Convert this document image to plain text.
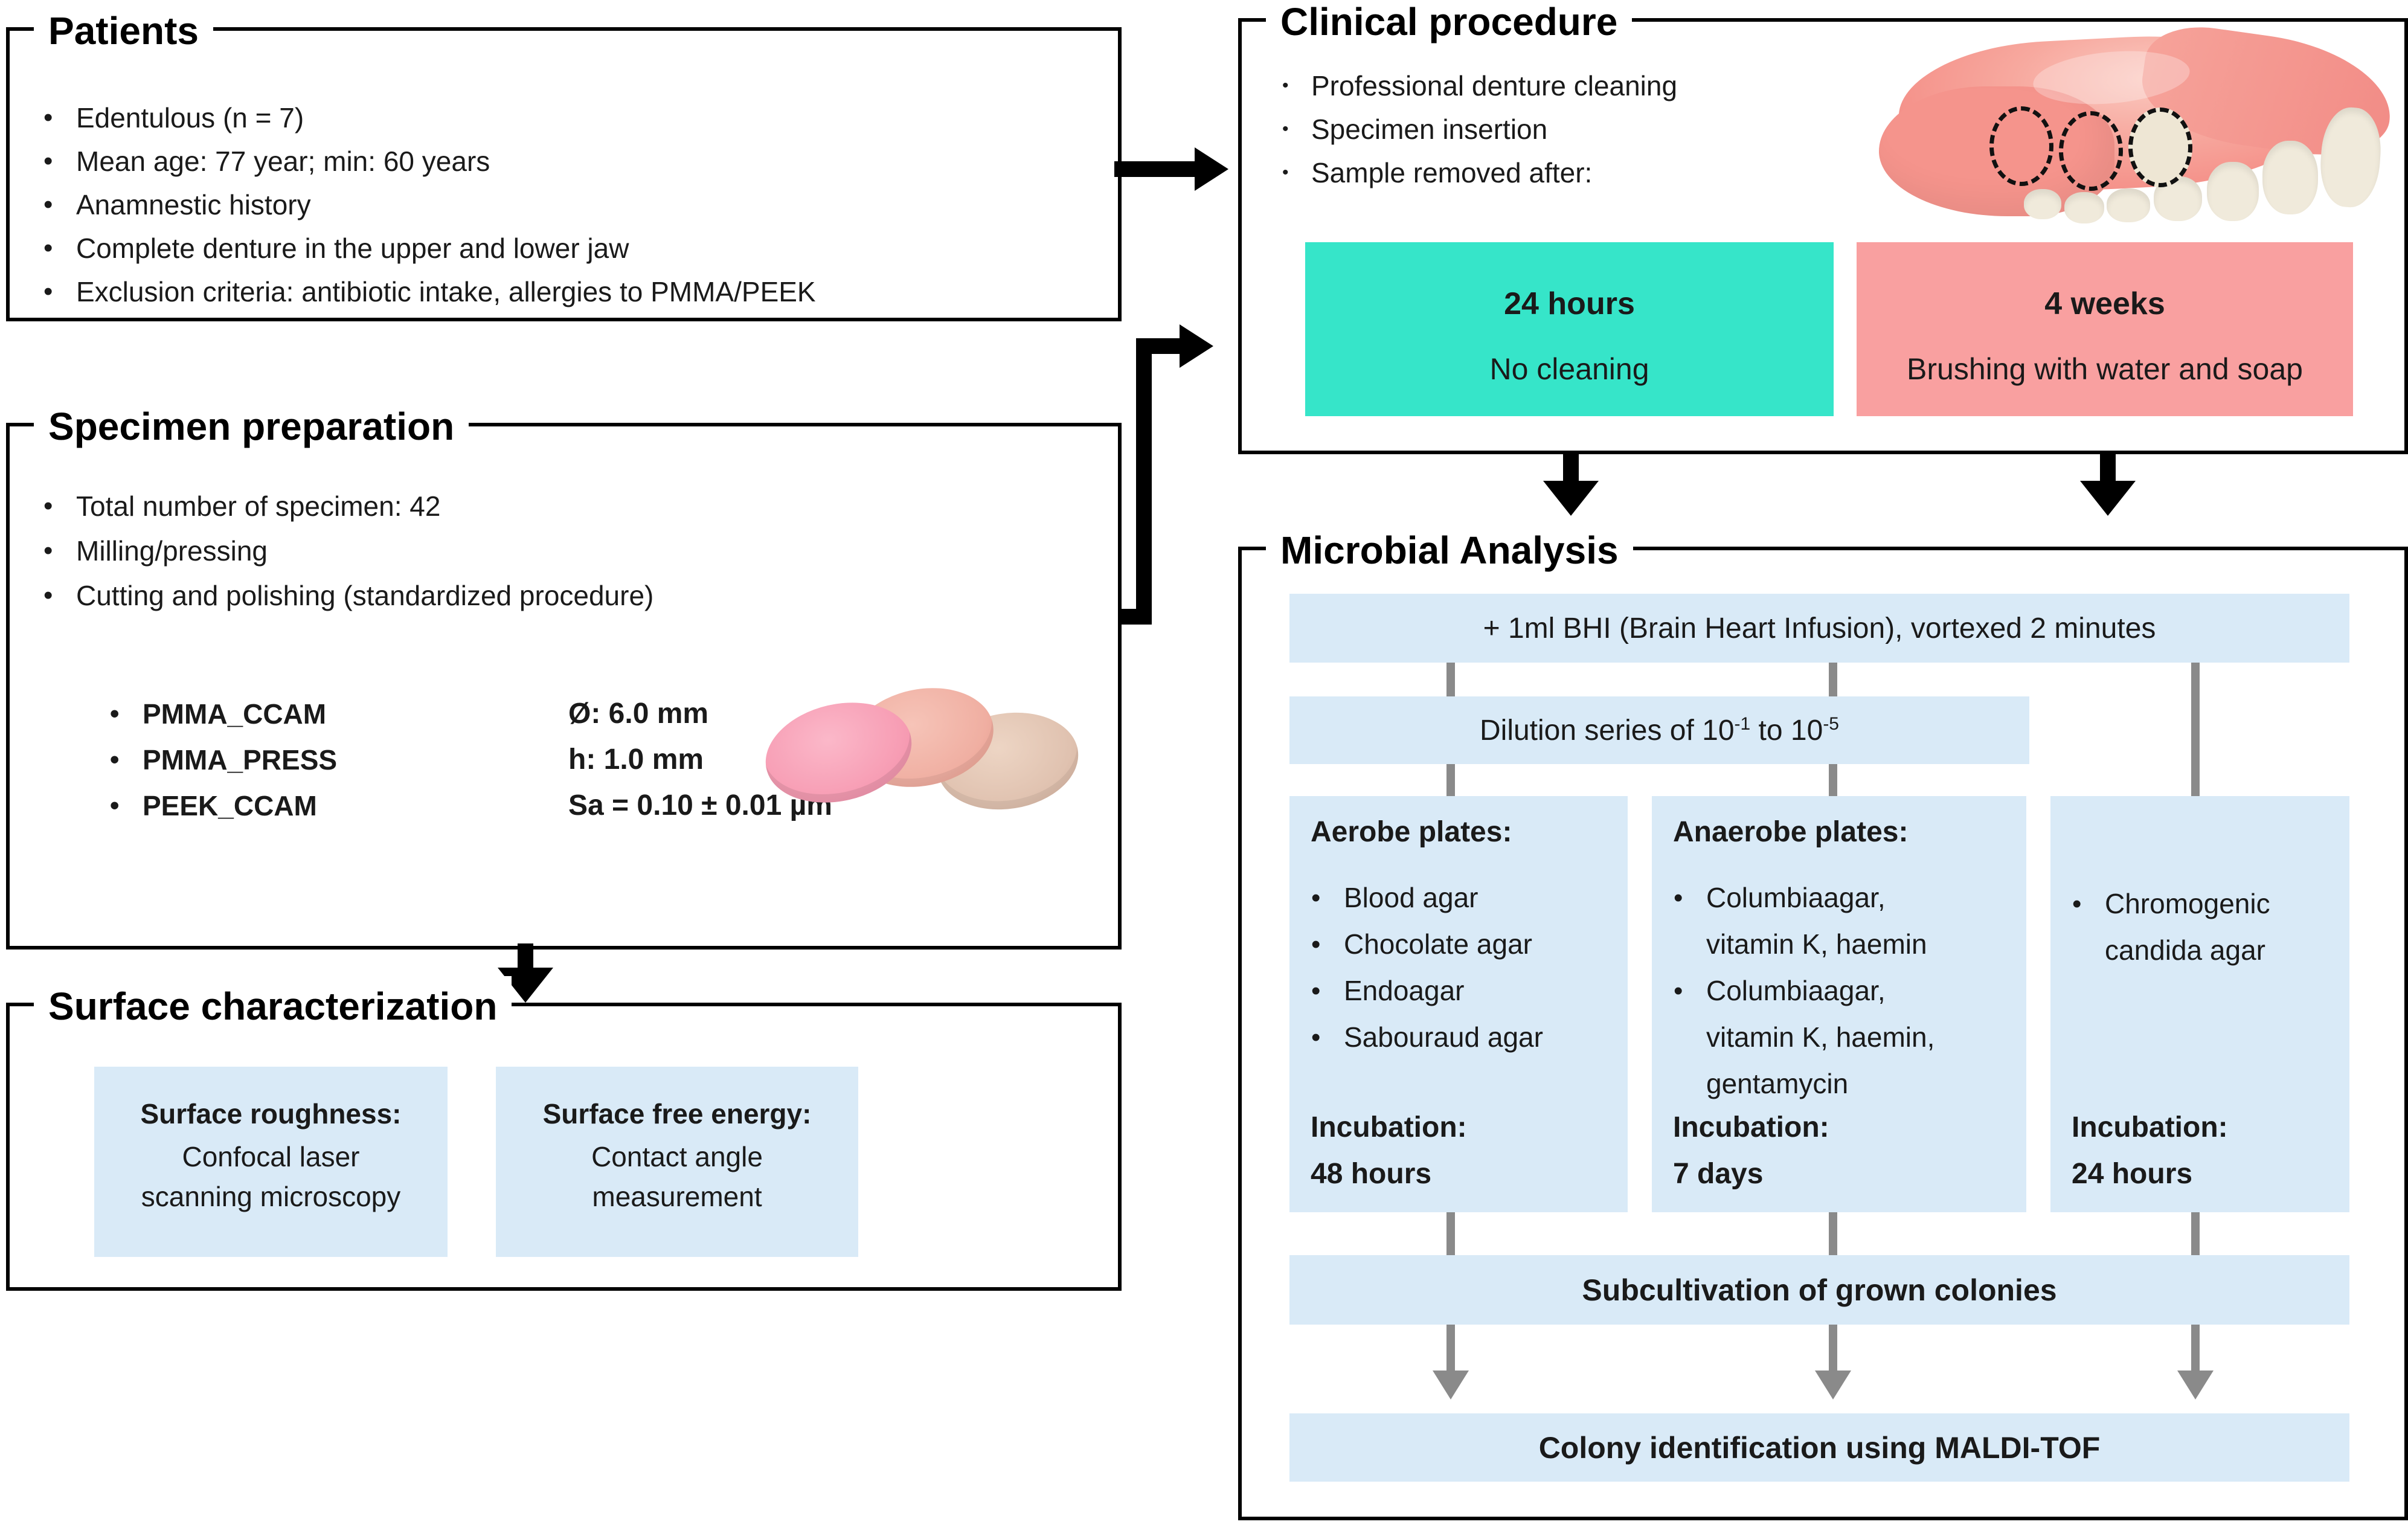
Patients
• Edentulous (n = 7)
• Mean age: 77 year; min: 60 years
• Anamnestic history
• Complete denture in the upper and lower jaw
• Exclusion criteria: antibiotic intake, allergies to PMMA/PEEK
Specimen preparation
• Total number of specimen: 42
• Milling/pressing
• Cutting and polishing (standardized procedure)
• PMMA_CCAM
• PMMA_PRESS
• PEEK_CCAM
Ø: 6.0 mm
h: 1.0 mm
Sa = 0.10 ± 0.01 µm
Surface characterization
Surface roughness:
Confocal laser
scanning microscopy
Surface free energy:
Contact angle
measurement
Clinical procedure
• Professional denture cleaning
• Specimen insertion
• Sample removed after:
24 hours
No cleaning
4 weeks
Brushing with water and soap
Microbial Analysis
+ 1ml BHI (Brain Heart Infusion), vortexed 2 minutes
Dilution series of $10^{-1}$ to $10^{-5}$
Aerobe plates:
• Blood agar
• Chocolate agar
• Endoagar
• Sabouraud agar
Incubation:
48 hours
Anaerobe plates:
• Columbiaagar,
vitamin K, haemin
• Columbiaagar,
vitamin K, haemin,
gentamycin
Incubation:
7 days
• Chromogenic
candida agar
Incubation:
24 hours
Subcultivation of grown colonies
Colony identification using MALDI-TOF
